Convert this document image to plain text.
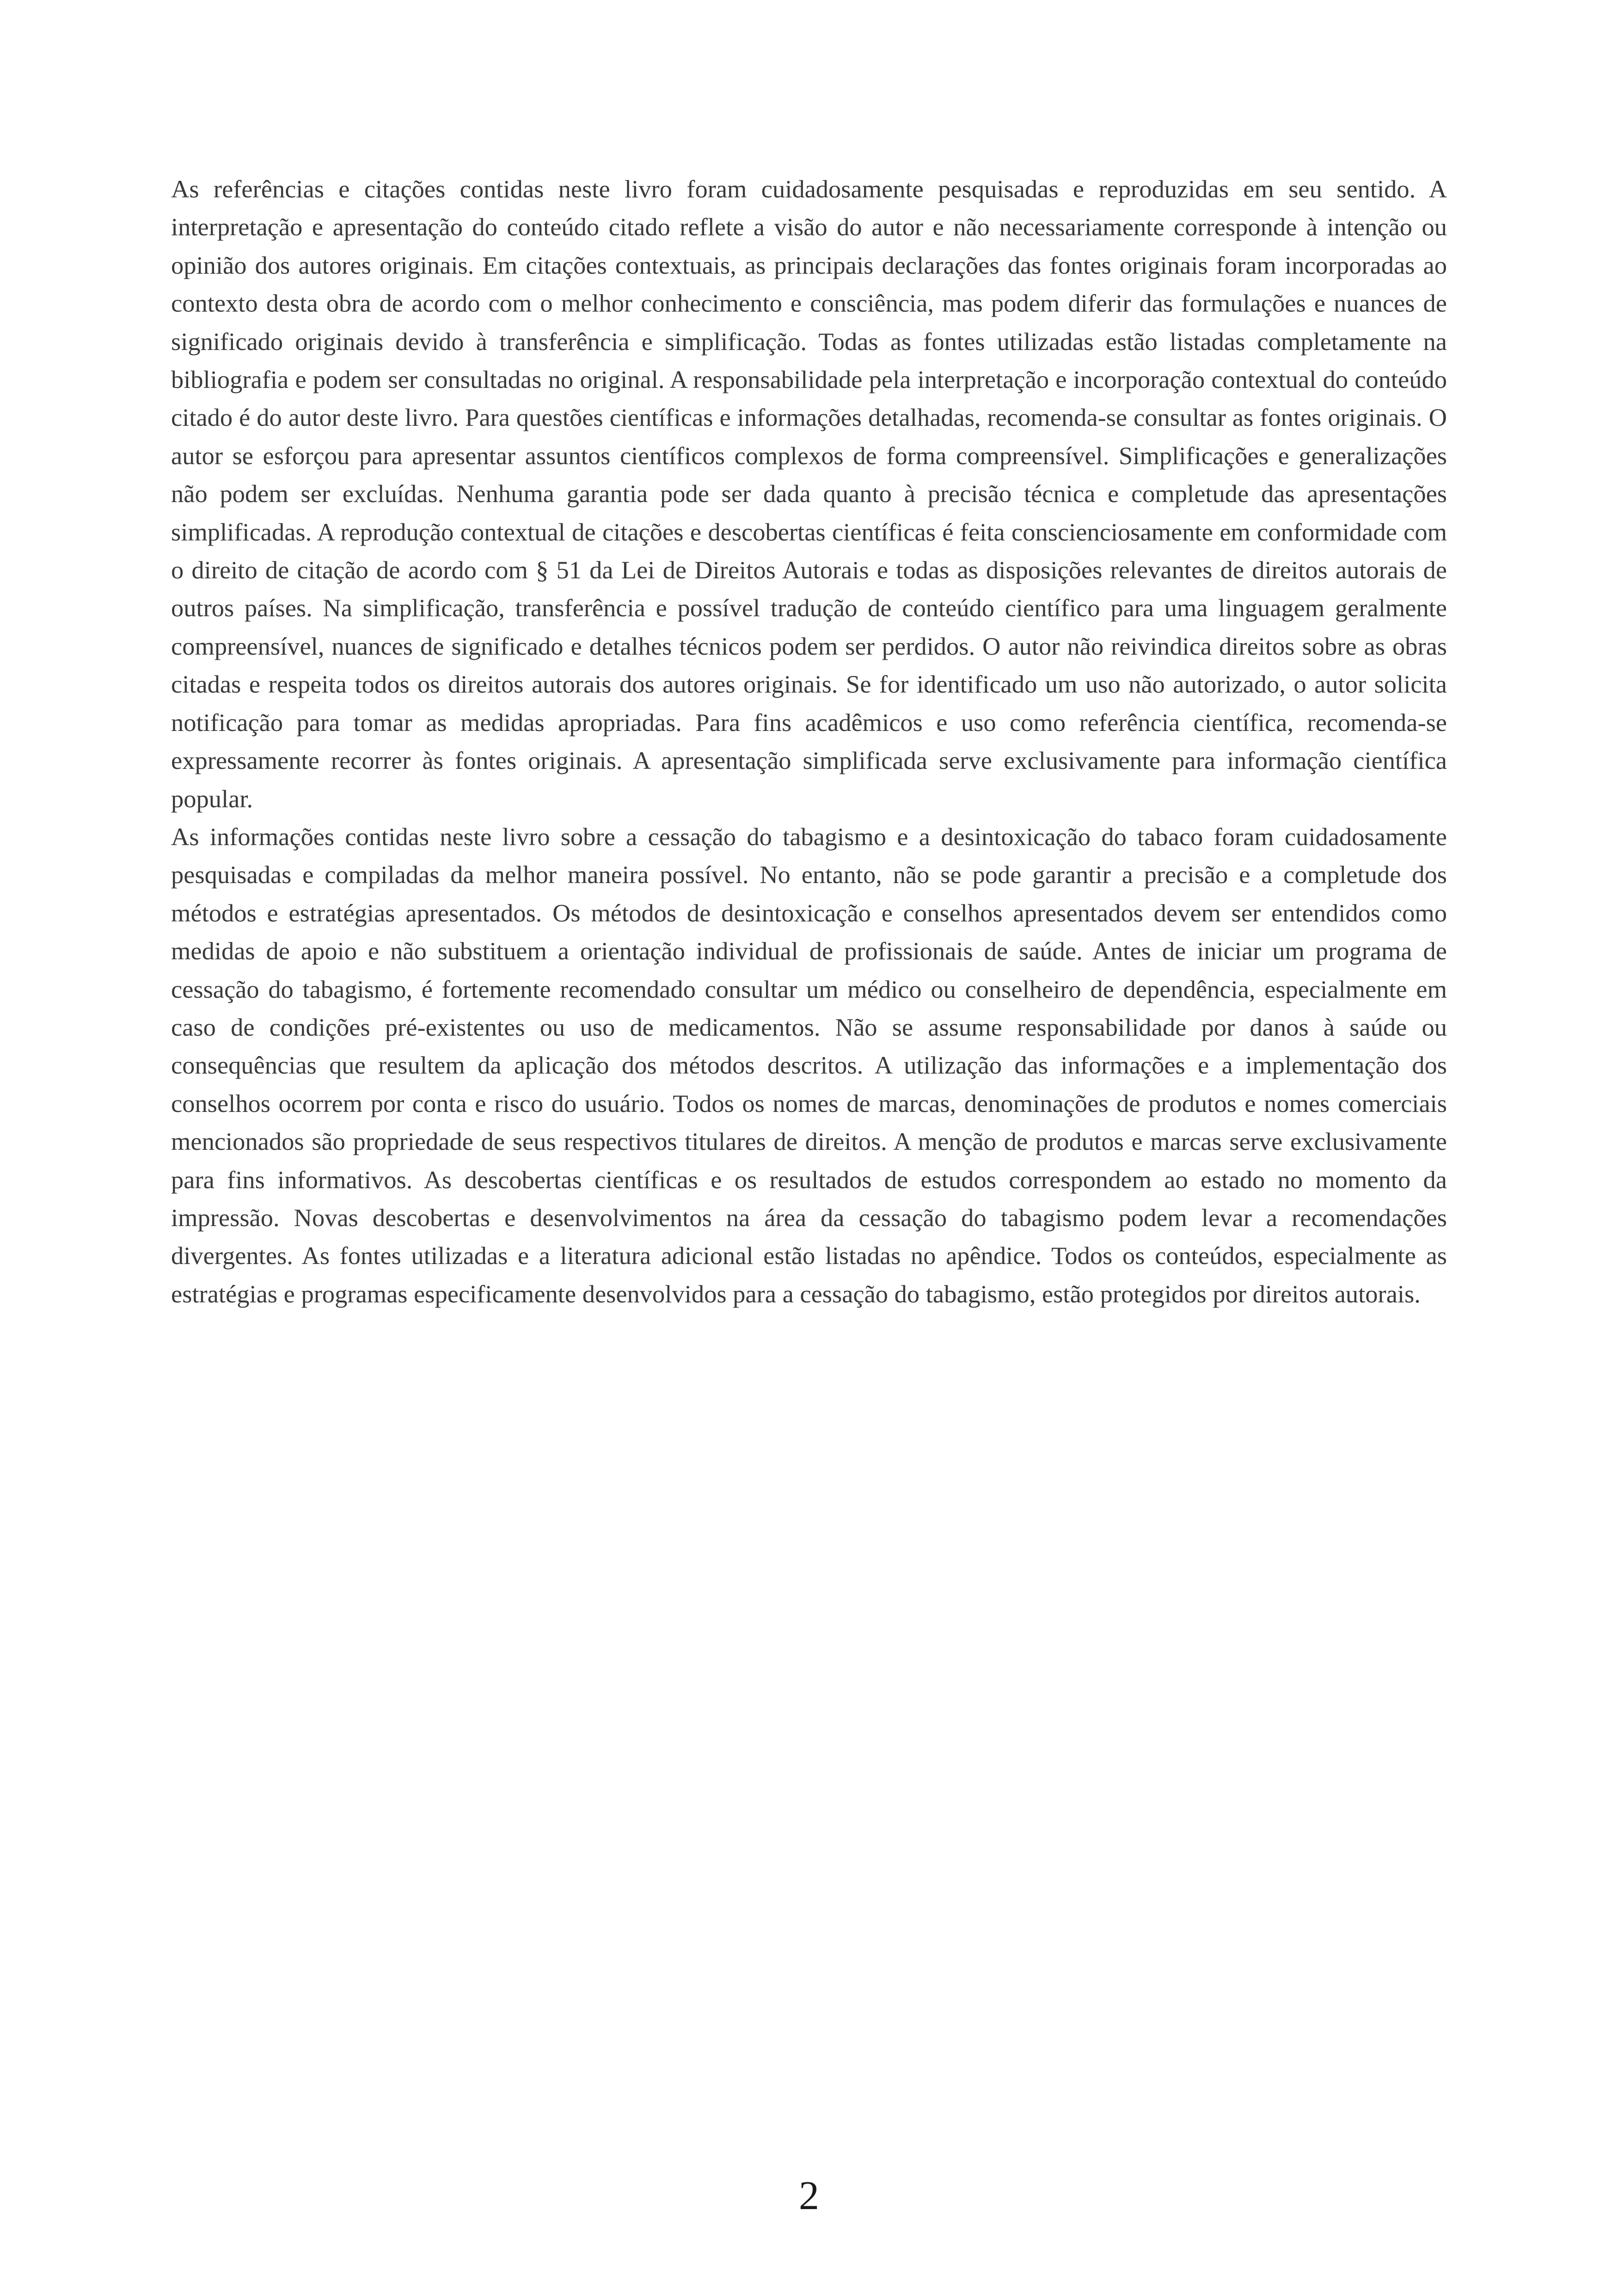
As referências e citações contidas neste livro foram cuidadosamente pesquisadas e reproduzidas em seu sentido. A interpretação e apresentação do conteúdo citado reflete a visão do autor e não necessariamente corresponde à intenção ou opinião dos autores originais. Em citações contextuais, as principais declarações das fontes originais foram incorporadas ao contexto desta obra de acordo com o melhor conhecimento e consciência, mas podem diferir das formulações e nuances de significado originais devido à transferência e simplificação. Todas as fontes utilizadas estão listadas completamente na bibliografia e podem ser consultadas no original. A responsabilidade pela interpretação e incorporação contextual do conteúdo citado é do autor deste livro. Para questões científicas e informações detalhadas, recomenda-se consultar as fontes originais. O autor se esforçou para apresentar assuntos científicos complexos de forma compreensível. Simplificações e generalizações não podem ser excluídas. Nenhuma garantia pode ser dada quanto à precisão técnica e completude das apresentações simplificadas. A reprodução contextual de citações e descobertas científicas é feita conscienciosamente em conformidade com o direito de citação de acordo com § 51 da Lei de Direitos Autorais e todas as disposições relevantes de direitos autorais de outros países. Na simplificação, transferência e possível tradução de conteúdo científico para uma linguagem geralmente compreensível, nuances de significado e detalhes técnicos podem ser perdidos. O autor não reivindica direitos sobre as obras citadas e respeita todos os direitos autorais dos autores originais. Se for identificado um uso não autorizado, o autor solicita notificação para tomar as medidas apropriadas. Para fins acadêmicos e uso como referência científica, recomenda-se expressamente recorrer às fontes originais. A apresentação simplificada serve exclusivamente para informação científica popular.

As informações contidas neste livro sobre a cessação do tabagismo e a desintoxicação do tabaco foram cuidadosamente pesquisadas e compiladas da melhor maneira possível. No entanto, não se pode garantir a precisão e a completude dos métodos e estratégias apresentados. Os métodos de desintoxicação e conselhos apresentados devem ser entendidos como medidas de apoio e não substituem a orientação individual de profissionais de saúde. Antes de iniciar um programa de cessação do tabagismo, é fortemente recomendado consultar um médico ou conselheiro de dependência, especialmente em caso de condições pré-existentes ou uso de medicamentos. Não se assume responsabilidade por danos à saúde ou consequências que resultem da aplicação dos métodos descritos. A utilização das informações e a implementação dos conselhos ocorrem por conta e risco do usuário. Todos os nomes de marcas, denominações de produtos e nomes comerciais mencionados são propriedade de seus respectivos titulares de direitos. A menção de produtos e marcas serve exclusivamente para fins informativos. As descobertas científicas e os resultados de estudos correspondem ao estado no momento da impressão. Novas descobertas e desenvolvimentos na área da cessação do tabagismo podem levar a recomendações divergentes. As fontes utilizadas e a literatura adicional estão listadas no apêndice. Todos os conteúdos, especialmente as estratégias e programas especificamente desenvolvidos para a cessação do tabagismo, estão protegidos por direitos autorais.

2
